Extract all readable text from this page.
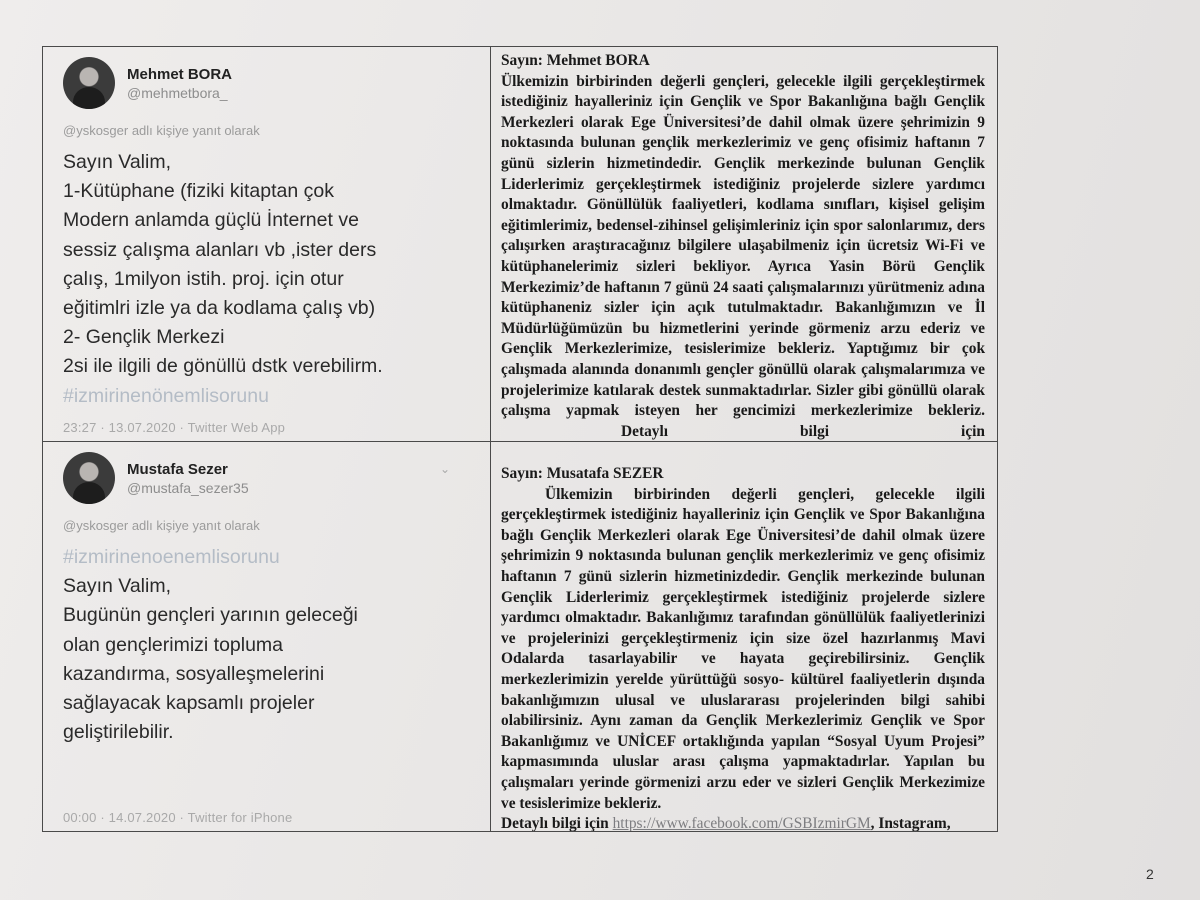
Mehmet BORA
@mehmetbora_
@yskosger adlı kişiye yanıt olarak
Sayın Valim,
1-Kütüphane (fiziki kitaptan çok
Modern anlamda güçlü İnternet ve
sessiz çalışma alanları vb ,ister ders
çalış, 1milyon istih. proj. için otur
eğitimlri izle ya da kodlama çalış vb)
2- Gençlik Merkezi
2si ile ilgili de gönüllü dstk verebilirm.
#izmirinenönemlisorunu
23:27 · 13.07.2020 · Twitter Web App
Sayın: Mehmet BORA
Ülkemizin birbirinden değerli gençleri, gelecekle ilgili gerçekleştirmek istediğiniz hayalleriniz için Gençlik ve Spor Bakanlığına bağlı Gençlik Merkezleri olarak Ege Üniversitesi’de dahil olmak üzere şehrimizin 9 noktasında bulunan gençlik merkezlerimiz ve genç ofisimiz haftanın 7 günü sizlerin hizmetindedir. Gençlik merkezinde bulunan Gençlik Liderlerimiz gerçekleştirmek istediğiniz projelerde sizlere yardımcı olmaktadır. Gönüllülük faaliyetleri, kodlama sınıfları, kişisel gelişim eğitimlerimiz, bedensel-zihinsel gelişimleriniz için spor salonlarımız, ders çalışırken araştıracağınız bilgilere ulaşabilmeniz için ücretsiz Wi-Fi ve kütüphanelerimiz sizleri bekliyor. Ayrıca Yasin Börü Gençlik Merkezimiz’de haftanın 7 günü 24 saati çalışmalarınızı yürütmeniz adına kütüphaneniz sizler için açık tutulmaktadır. Bakanlığımızın ve İl Müdürlüğümüzün bu hizmetlerini yerinde görmeniz arzu ederiz ve Gençlik Merkezlerimize, tesislerimize bekleriz. Yaptığımız bir çok çalışmada alanında donanımlı gençler gönüllü olarak çalışmalarımıza ve projelerimize katılarak destek sunmaktadırlar. Sizler gibi gönüllü olarak çalışma yapmak isteyen her gencimizi merkezlerimize bekleriz.Detaylı bilgi için
Mustafa Sezer
@mustafa_sezer35
⌄
@yskosger adlı kişiye yanıt olarak
#izmirinenoenemlisorunu
Sayın Valim,
Bugünün gençleri yarının geleceği
olan gençlerimizi topluma
kazandırma, sosyalleşmelerini
sağlayacak kapsamlı projeler
geliştirilebilir.
00:00 · 14.07.2020 · Twitter for iPhone
Sayın: Musatafa SEZER
Ülkemizin birbirinden değerli gençleri, gelecekle ilgili gerçekleştirmek istediğiniz hayalleriniz için Gençlik ve Spor Bakanlığına bağlı Gençlik Merkezleri olarak Ege Üniversitesi’de dahil olmak üzere şehrimizin 9 noktasında bulunan gençlik merkezlerimiz ve genç ofisimiz haftanın 7 günü sizlerin hizmetinizdedir. Gençlik merkezinde bulunan Gençlik Liderlerimiz gerçekleştirmek istediğiniz projelerde sizlere yardımcı olmaktadır. Bakanlığımız tarafından gönüllülük faaliyetlerinizi ve projelerinizi gerçekleştirmeniz için size özel hazırlanmış Mavi Odalarda tasarlayabilir ve hayata geçirebilirsiniz. Gençlik merkezlerimizin yerelde yürüttüğü sosyo- kültürel faaliyetlerin dışında bakanlığımızın ulusal ve uluslararası projelerinden bilgi sahibi olabilirsiniz. Aynı zaman da Gençlik Merkezlerimiz Gençlik ve Spor Bakanlığımız ve UNİCEF ortaklığında yapılan “Sosyal Uyum Projesi” kapmasımında uluslar arası çalışma yapmaktadırlar. Yapılan bu çalışmaları yerinde görmenizi arzu eder ve sizleri Gençlik Merkezimize ve tesislerimize bekleriz.
Detaylı bilgi için https://www.facebook.com/GSBIzmirGM, Instagram,
2
